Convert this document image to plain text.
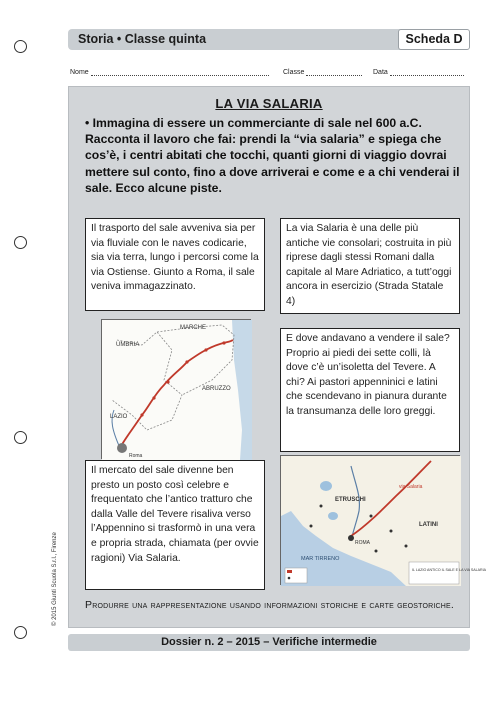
Storia • Classe quinta	Scheda D
Nome	Classe	Data
LA VIA SALARIA
• Immagina di essere un commerciante di sale nel 600 a.C. Racconta il lavoro che fai: prendi la “via salaria” e spiega che cos’è, i centri abitati che tocchi, quanti giorni di viaggio dovrai mettere sul conto, fino a dove arriverai e come e a chi venderai il sale. Ecco alcune piste.

Il trasporto del sale avveniva sia per via fluviale con le naves codicarie, sia via terra, lungo i percorsi come la via Ostiense. Giunto a Roma, il sale veniva immagazzinato.

La via Salaria è una delle più antiche vie consolari; costruita in più riprese dagli stessi Romani dalla capitale al Mare Adriatico, a tutt’oggi ancora in esercizio (Strada Statale 4)

MARCHE
UMBRIA
ABRUZZO
LAZIO
Roma

E dove andavano a vendere il sale? Proprio ai piedi dei sette colli, là dove c’è un’isoletta del Tevere. A chi? Ai pastori appenninici e latini che scendevano in pianura durante la transumanza delle loro greggi.

Il mercato del sale divenne ben presto un posto così celebre e frequentato che l’antico tratturo che dalla Valle del Tevere risaliva verso l’Appennino si trasformò in una vera e propria strada, chiamata (per ovvie ragioni) Via Salaria.

ETRUSCHI
LATINI
ROMA
via Salaria
MAR TIRRENO
IL LAZIO ANTICO IL SALE E LA VIA SALARIA
Produrre una rappresentazione usando informazioni storiche e carte geostoriche.
© 2015 Giunti Scuola S.r.l., Firenze
Dossier n. 2 – 2015 – Verifiche intermedie
